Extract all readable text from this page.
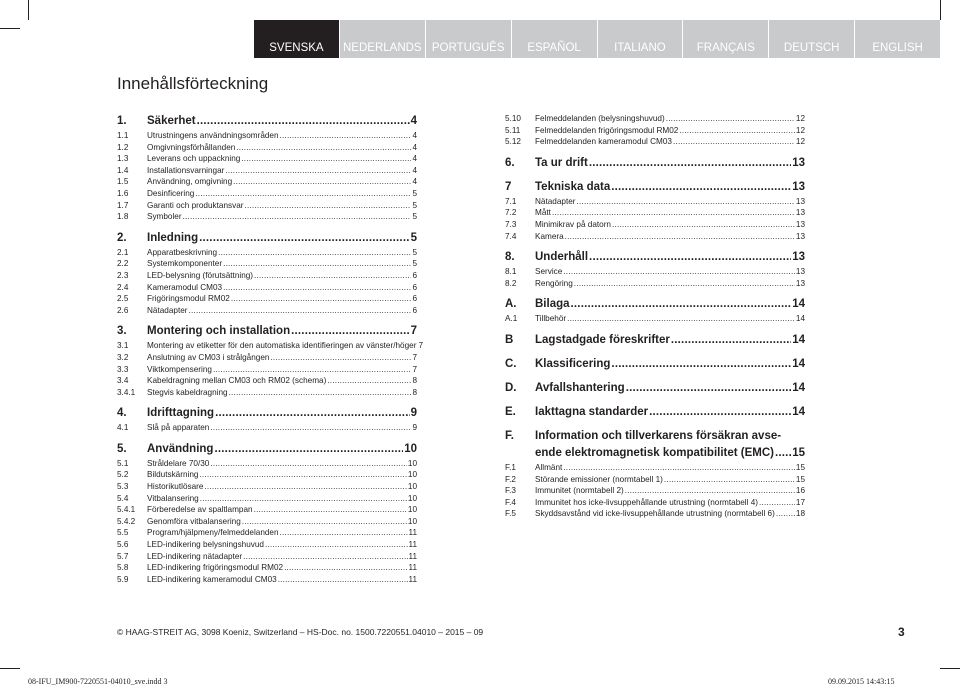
SVENSKA	NEDERLANDS PORTUGUÊS	ESPAÑOL	ITALIANO	FRANÇAIS	DEUTSCH	ENGLISH
Innehållsförteckning
1.	Säkerhet .....	4
1.1	Utrustningens användningsområden .....	4
1.2	Omgivningsförhållanden .....	4
1.3	Leverans och uppackning .....	4
1.4	Installationsvarningar .....	4
1.5	Användning, omgivning .....	4
1.6	Desinficering .....	5
1.7	Garanti och produktansvar .....	5
1.8	Symboler .....	5
2.	Inledning .....	5
2.1	Apparatbeskrivning .....	5
2.2	Systemkomponenter .....	5
2.3	LED-belysning (förutsättning) .....	6
2.4	Kameramodul CM03 .....	6
2.5	Frigöringsmodul RM02 .....	6
2.6	Nätadapter .....	6
3.	Montering och installation .....	7
3.1	Montering av etiketter för den automatiska identifieringen av vänster/höger 7
3.2	Anslutning av CM03 i strålgången .....	7
3.3	Viktkompensering .....	7
3.4	Kabeldragning mellan CM03 och RM02 (schema) .....	8
3.4.1	Stegvis kabeldragning .....	8
4.	Idrifttagning .....	9
4.1	Slå på apparaten .....	9
5.	Användning .....	10
5.1	Stråldelare 70/30 .....	10
5.2	Bildutskärning .....	10
5.3	Historikutlösare .....	10
5.4	Vitbalansering .....	10
5.4.1	Förberedelse av spaltlampan .....	10
5.4.2	Genomföra vitbalansering .....	10
5.5	Program/hjälpmeny/felmeddelanden .....	11
5.6	LED-indikering belysningshuvud .....	11
5.7	LED-indikering nätadapter .....	11
5.8	LED-indikering frigöringsmodul RM02 .....	11
5.9	LED-indikering kameramodul CM03 .....	11
5.10	Felmeddelanden (belysningshuvud) .....	12
5.11	Felmeddelanden frigöringsmodul RM02 .....	12
5.12	Felmeddelanden kameramodul CM03 .....	12
6.	Ta ur drift .....	13
7	Tekniska data .....	13
7.1	Nätadapter .....	13
7.2	Mått .....	13
7.3	Minimikrav på datorn .....	13
7.4	Kamera .....	13
8.	Underhåll .....	13
8.1	Service .....	13
8.2	Rengöring .....	13
A.	Bilaga .....	14
A.1	Tillbehör .....	14
B	Lagstadgade föreskrifter .....	14
C.	Klassificering .....	14
D.	Avfallshantering .....	14
E.	Iakttagna standarder .....	14
F.	Information och tillverkarens försäkran avse-
ende elektromagnetisk kompatibilitet (EMC) ..... 15
F.1	Allmänt .....	15
F.2	Störande emissioner (normtabell 1) .....	15
F.3	Immunitet (normtabell 2) .....	16
F.4	Immunitet hos icke-livsuppehållande utrustning (normtabell 4) .....	17
F.5	Skyddsavstånd vid icke-livsuppehållande utrustning (normtabell 6) .....	18
© HAAG-STREIT AG, 3098 Koeniz, Switzerland – HS-Doc. no. 1500.7220551.04010 – 2015 – 09	3
08-IFU_IM900-7220551-04010_sve.indd 3	09.09.2015 14:43:15
